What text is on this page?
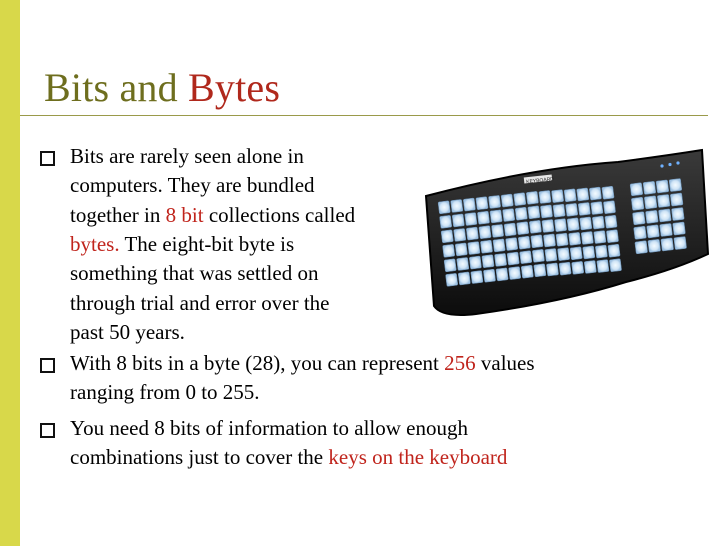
Bits and Bytes

Bits are rarely seen alone in

computers. They are bundled

together in 8 bit collections called

bytes. The eight-bit byte is

something that was settled on

through trial and error over the

past 50 years.

With 8 bits in a byte (28), you can represent 256 values

ranging from 0 to 255.

You need 8 bits of information to allow enough

combinations just to cover the keys on the keyboard

KEYBOARD
